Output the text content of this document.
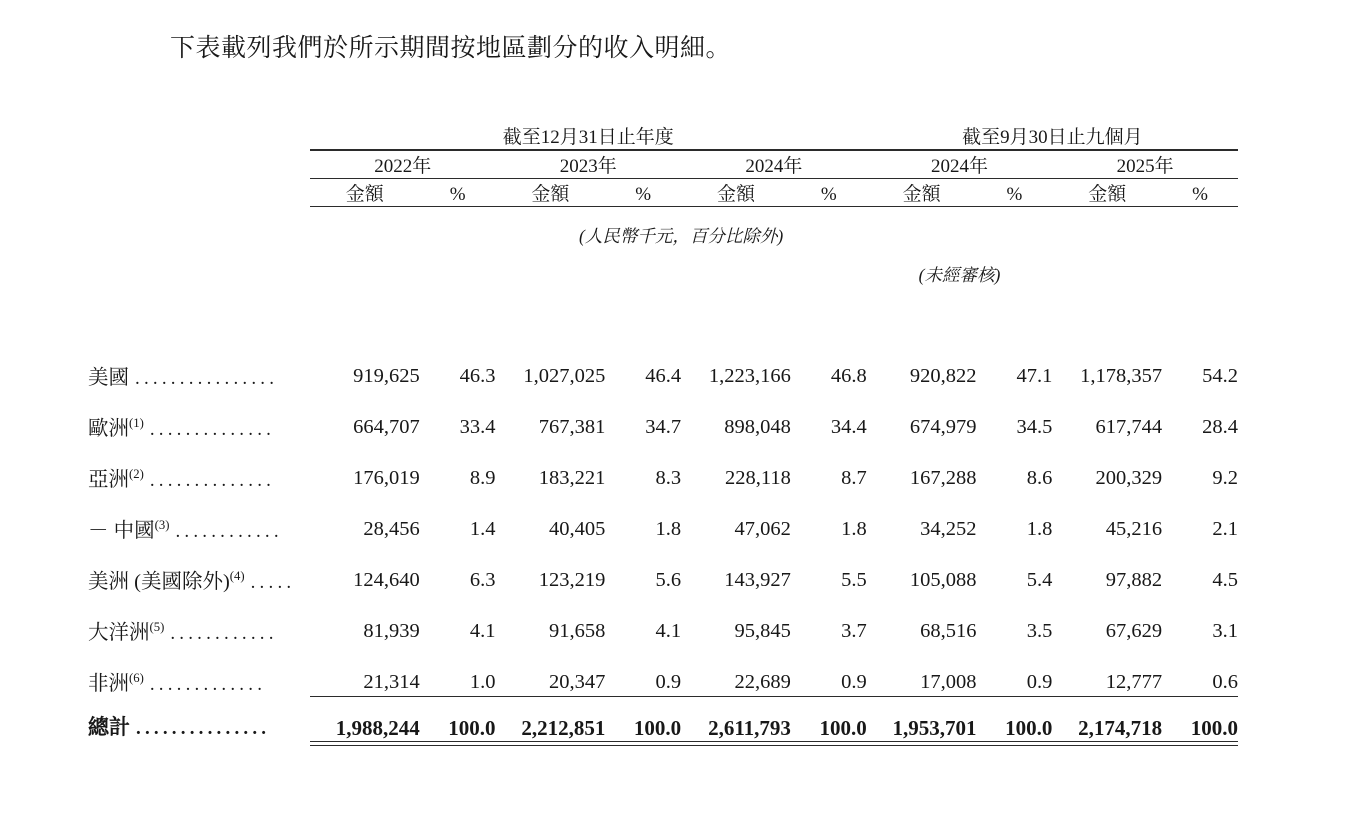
下表載列我們於所示期間按地區劃分的收入明細。
	截至12月31日止年度						截至9月30日止九個月			
	2022年		2023年		2024年		2024年		2025年	
	金額	%	金額	%	金額	%	金額	%	金額	%
			(人民幣千元，百分比除外)							
							(未經審核)			

美國 ................	919,625	46.3	1,027,025	46.4	1,223,166	46.8	920,822	47.1	1,178,357	54.2
歐洲$^{(1)}$ ..............	664,707	33.4	767,381	34.7	898,048	34.4	674,979	34.5	617,744	28.4
亞洲$^{(2)}$ ..............	176,019	8.9	183,221	8.3	228,118	8.7	167,288	8.6	200,329	9.2
－ 中國$^{(3)}$ ............	28,456	1.4	40,405	1.8	47,062	1.8	34,252	1.8	45,216	2.1
美洲 (美國除外)$^{(4)}$ .....	124,640	6.3	123,219	5.6	143,927	5.5	105,088	5.4	97,882	4.5
大洋洲$^{(5)}$ ............	81,939	4.1	91,658	4.1	95,845	3.7	68,516	3.5	67,629	3.1
非洲$^{(6)}$ .............	21,314	1.0	20,347	0.9	22,689	0.9	17,008	0.9	12,777	0.6

總計 ...............	1,988,244	100.0	2,212,851	100.0	2,611,793	100.0	1,953,701	100.0	2,174,718	100.0
